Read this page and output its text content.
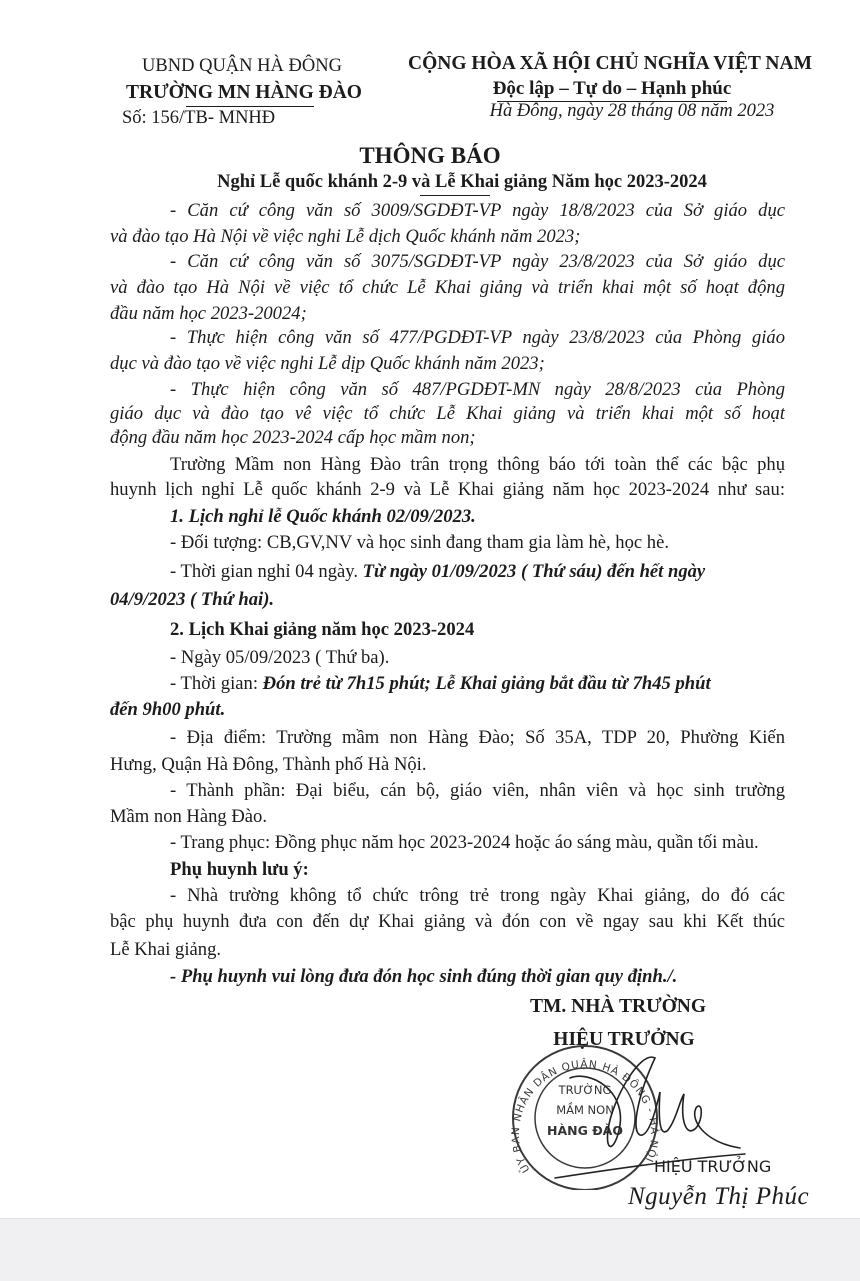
UBND QUẬN HÀ ĐÔNG
TRƯỜNG MN HÀNG ĐÀO
Số: 156/TB- MNHĐ
CỘNG HÒA XÃ HỘI CHỦ NGHĨA VIỆT NAM
Độc lập – Tự do – Hạnh phúc
Hà Đông, ngày 28 tháng 08 năm 2023
THÔNG BÁO
Nghỉ Lễ quốc khánh 2-9 và Lễ Khai giảng Năm học 2023-2024
- Căn cứ công văn số 3009/SGDĐT-VP ngày 18/8/2023 của Sở giáo dục
và đào tạo Hà Nội về việc nghi Lễ dịch Quốc khánh năm 2023;
- Căn cứ công văn số 3075/SGDĐT-VP ngày 23/8/2023 của Sở giáo dục
và đào tạo Hà Nội về việc tổ chức Lễ Khai giảng và triển khai một số hoạt động
đầu năm học 2023-20024;
- Thực hiện công văn số 477/PGDĐT-VP ngày 23/8/2023 của Phòng giáo
dục và đào tạo về việc nghi Lễ dịp Quốc khánh năm 2023;
- Thực hiện công văn số 487/PGDĐT-MN ngày 28/8/2023 của Phòng
giáo dục và đào tạo vê việc tổ chức Lễ Khai giảng và triển khai một số hoạt
động đầu năm học 2023-2024 cấp học mầm non;
Trường Mầm non Hàng Đào trân trọng thông báo tới toàn thể các bậc phụ
huynh lịch nghỉ Lễ quốc khánh 2-9 và Lễ Khai giảng năm học 2023-2024 như sau:
1. Lịch nghỉ lễ Quốc khánh 02/09/2023.
- Đối tượng: CB,GV,NV và học sinh đang tham gia làm hè, học hè.
- Thời gian nghỉ 04 ngày. Từ ngày 01/09/2023 ( Thứ sáu) đến hết ngày
04/9/2023 ( Thứ hai).
2. Lịch Khai giảng năm học 2023-2024
- Ngày 05/09/2023 ( Thứ ba).
- Thời gian: Đón trẻ từ 7h15 phút; Lễ Khai giảng bắt đầu từ 7h45 phút
đến 9h00 phút.
- Địa điểm: Trường mầm non Hàng Đào; Số 35A, TDP 20, Phường Kiến
Hưng, Quận Hà Đông, Thành phố Hà Nội.
- Thành phần: Đại biểu, cán bộ, giáo viên, nhân viên và học sinh trường
Mầm non Hàng Đào.
- Trang phục: Đồng phục năm học 2023-2024 hoặc áo sáng màu, quần tối màu.
Phụ huynh lưu ý:
- Nhà trường không tổ chức trông trẻ trong ngày Khai giảng, do đó các
bậc phụ huynh đưa con đến dự Khai giảng và đón con về ngay sau khi Kết thúc
Lễ Khai giảng.
- Phụ huynh vui lòng đưa đón học sinh đúng thời gian quy định./.
TM. NHÀ TRƯỜNG
HIỆU TRƯỞNG
ỦY BAN NHÂN DÂN QUẬN HÀ ĐÔNG - HÀ NỘI
TRƯỜNG
MẦM NON
HÀNG ĐÀO
HIỆU TRƯỞNG
Nguyễn Thị Phúc
